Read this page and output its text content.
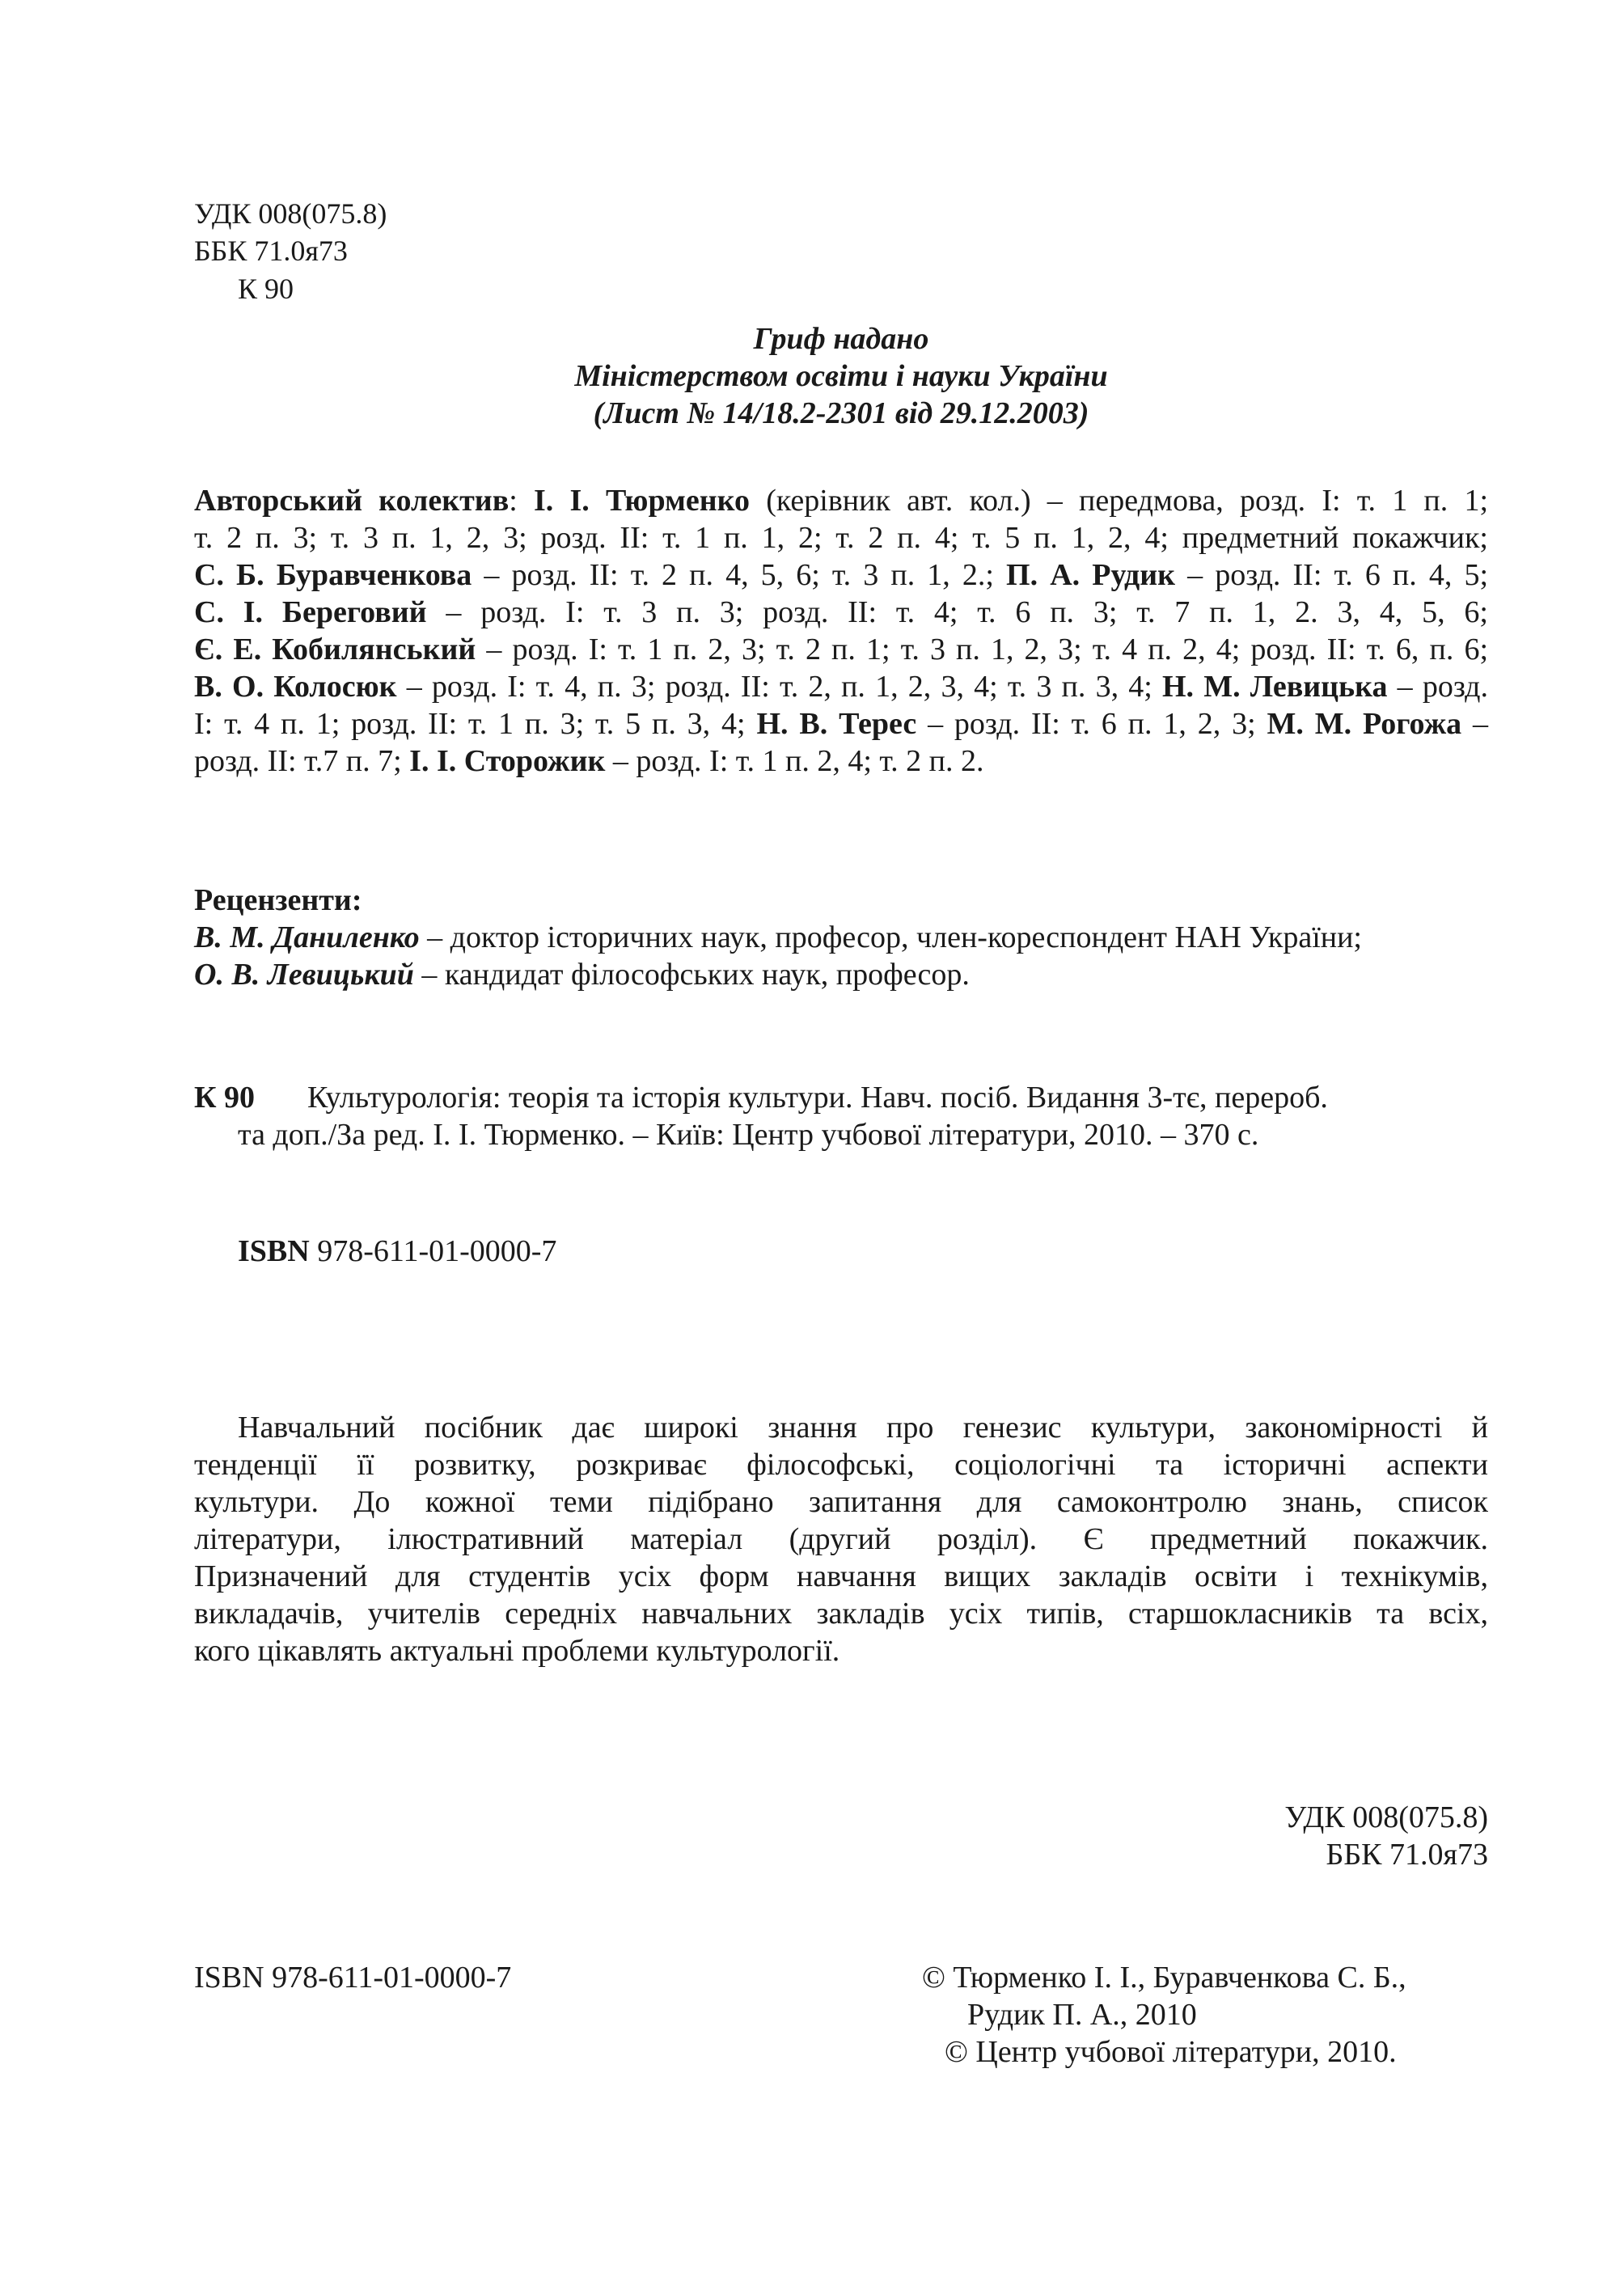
УДК 008(075.8)
ББК 71.0я73
К 90
Гриф надано
Міністерством освіти і науки України
(Лист № 14/18.2-2301 від 29.12.2003)
Авторський колектив: І. І. Тюрменко (керівник авт. кол.) – передмова, розд. І: т. 1 п. 1;
т. 2 п. 3; т. 3 п. 1, 2, 3; розд. ІІ: т. 1 п. 1, 2; т. 2 п. 4; т. 5 п. 1, 2, 4; предметний покажчик;
С. Б. Буравченкова – розд. ІІ: т. 2 п. 4, 5, 6; т. 3 п. 1, 2.; П. А. Рудик – розд. ІІ: т. 6 п. 4, 5;
С. І. Береговий – розд. І: т. 3 п. 3; розд. ІІ: т. 4; т. 6 п. 3; т. 7 п. 1, 2. 3, 4, 5, 6;
Є. Е. Кобилянський – розд. І: т. 1 п. 2, 3; т. 2 п. 1; т. 3 п. 1, 2, 3; т. 4 п. 2, 4; розд. ІІ: т. 6, п. 6;
В. О. Колосюк – розд. І: т. 4, п. 3; розд. ІІ: т. 2, п. 1, 2, 3, 4; т. 3 п. 3, 4; Н. М. Левицька – розд.
І: т. 4 п. 1; розд. ІІ: т. 1 п. 3; т. 5 п. 3, 4; Н. В. Терес – розд. ІІ: т. 6 п. 1, 2, 3; М. М. Рогожа –
розд. ІІ: т.7 п. 7; І. І. Сторожик – розд. І: т. 1 п. 2, 4; т. 2 п. 2.
Рецензенти:
В. М. Даниленко – доктор історичних наук, професор, член-кореспондент НАН України;
О. В. Левицький – кандидат філософських наук, професор.
К 90 Культурологія: теорія та історія культури. Навч. посіб. Видання 3-тє, перероб.
та доп./За ред. І. І. Тюрменко. – Київ: Центр учбової літератури, 2010. – 370 с.
ISBN 978-611-01-0000-7
Навчальний посібник дає широкі знання про генезис культури, закономірності й
тенденції її розвитку, розкриває філософські, соціологічні та історичні аспекти
культури. До кожної теми підібрано запитання для самоконтролю знань, список
літератури, ілюстративний матеріал (другий розділ). Є предметний покажчик.
Призначений для студентів усіх форм навчання вищих закладів освіти і технікумів,
викладачів, учителів середніх навчальних закладів усіх типів, старшокласників та всіх,
кого цікавлять актуальні проблеми культурології.
УДК 008(075.8)
ББК 71.0я73
ISBN 978-611-01-0000-7	© Тюрменко І. І., Буравченкова С. Б.,
Рудик П. А., 2010
© Центр учбової літератури, 2010.
